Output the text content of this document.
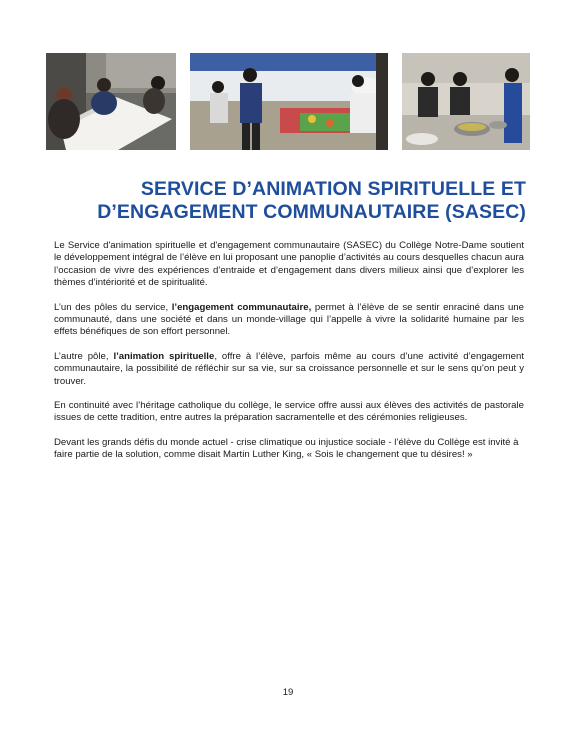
SERVICE D’ANIMATION SPIRITUELLE ET
D’ENGAGEMENT COMMUNAUTAIRE (SASEC)

Le Service d'animation spirituelle et d'engagement communautaire (SASEC) du Collège Notre-Dame soutient le développement intégral de l’élève en lui proposant une panoplie d’activités au cours desquelles chacun aura l’occasion de vivre des expériences d’entraide et d’engagement dans divers milieux ainsi que d’explorer les thèmes d’intériorité et de spiritualité.

L’un des pôles du service, l’engagement communautaire, permet à l’élève de se sentir enraciné dans une communauté, dans une société et dans un monde-village qui l’appelle à vivre la solidarité humaine par les effets bénéfiques de son effort personnel.

L’autre pôle, l’animation spirituelle, offre à l’élève, parfois même au cours d’une activité d’engagement communautaire, la possibilité de réfléchir sur sa vie, sur sa croissance personnelle et sur le sens qu’on peut y trouver.

En continuité avec l’héritage catholique du collège, le service offre aussi aux élèves des activités de pastorale issues de cette tradition, entre autres la préparation sacramentelle et des cérémonies religieuses.

Devant les grands défis du monde actuel - crise climatique ou injustice sociale - l’élève du Collège est invité à faire partie de la solution, comme disait Martin Luther King, « Sois le changement que tu désires! »

19
